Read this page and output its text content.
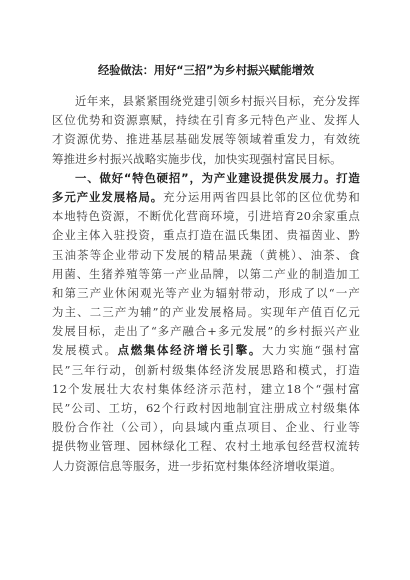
经验做法：用好“三招”为乡村振兴赋能增效
近年来，县紧紧围绕党建引领乡村振兴目标，充分发挥
区位优势和资源禀赋，持续在引育多元特色产业、发挥人
才资源优势、推进基层基础发展等领域着重发力，有效统
筹推进乡村振兴战略实施步伐，加快实现强村富民目标。
一、做好“特色硬招”，为产业建设提供发展力。打造
多元产业发展格局。充分运用两省四县比邻的区位优势和
本地特色资源，不断优化营商环境，引进培育20余家重点
企业主体入驻投资，重点打造在温氏集团、贵福茵业、黔
玉油茶等企业带动下发展的精品果蔬（黄桃）、油茶、食
用菌、生猪养殖等第一产业品牌，以第二产业的制造加工
和第三产业休闲观光等产业为辐射带动，形成了以“一产
为主、二三产为辅”的产业发展格局。实现年产值百亿元
发展目标，走出了“多产融合+多元发展”的乡村振兴产业
发展模式。点燃集体经济增长引擎。大力实施“强村富
民”三年行动，创新村级集体经济发展思路和模式，打造
12个发展壮大农村集体经济示范村，建立18个“强村富
民”公司、工坊，62个行政村因地制宜注册成立村级集体
股份合作社（公司），向县域内重点项目、企业、行业等
提供物业管理、园林绿化工程、农村土地承包经营权流转
人力资源信息等服务，进一步拓宽村集体经济增收渠道。
